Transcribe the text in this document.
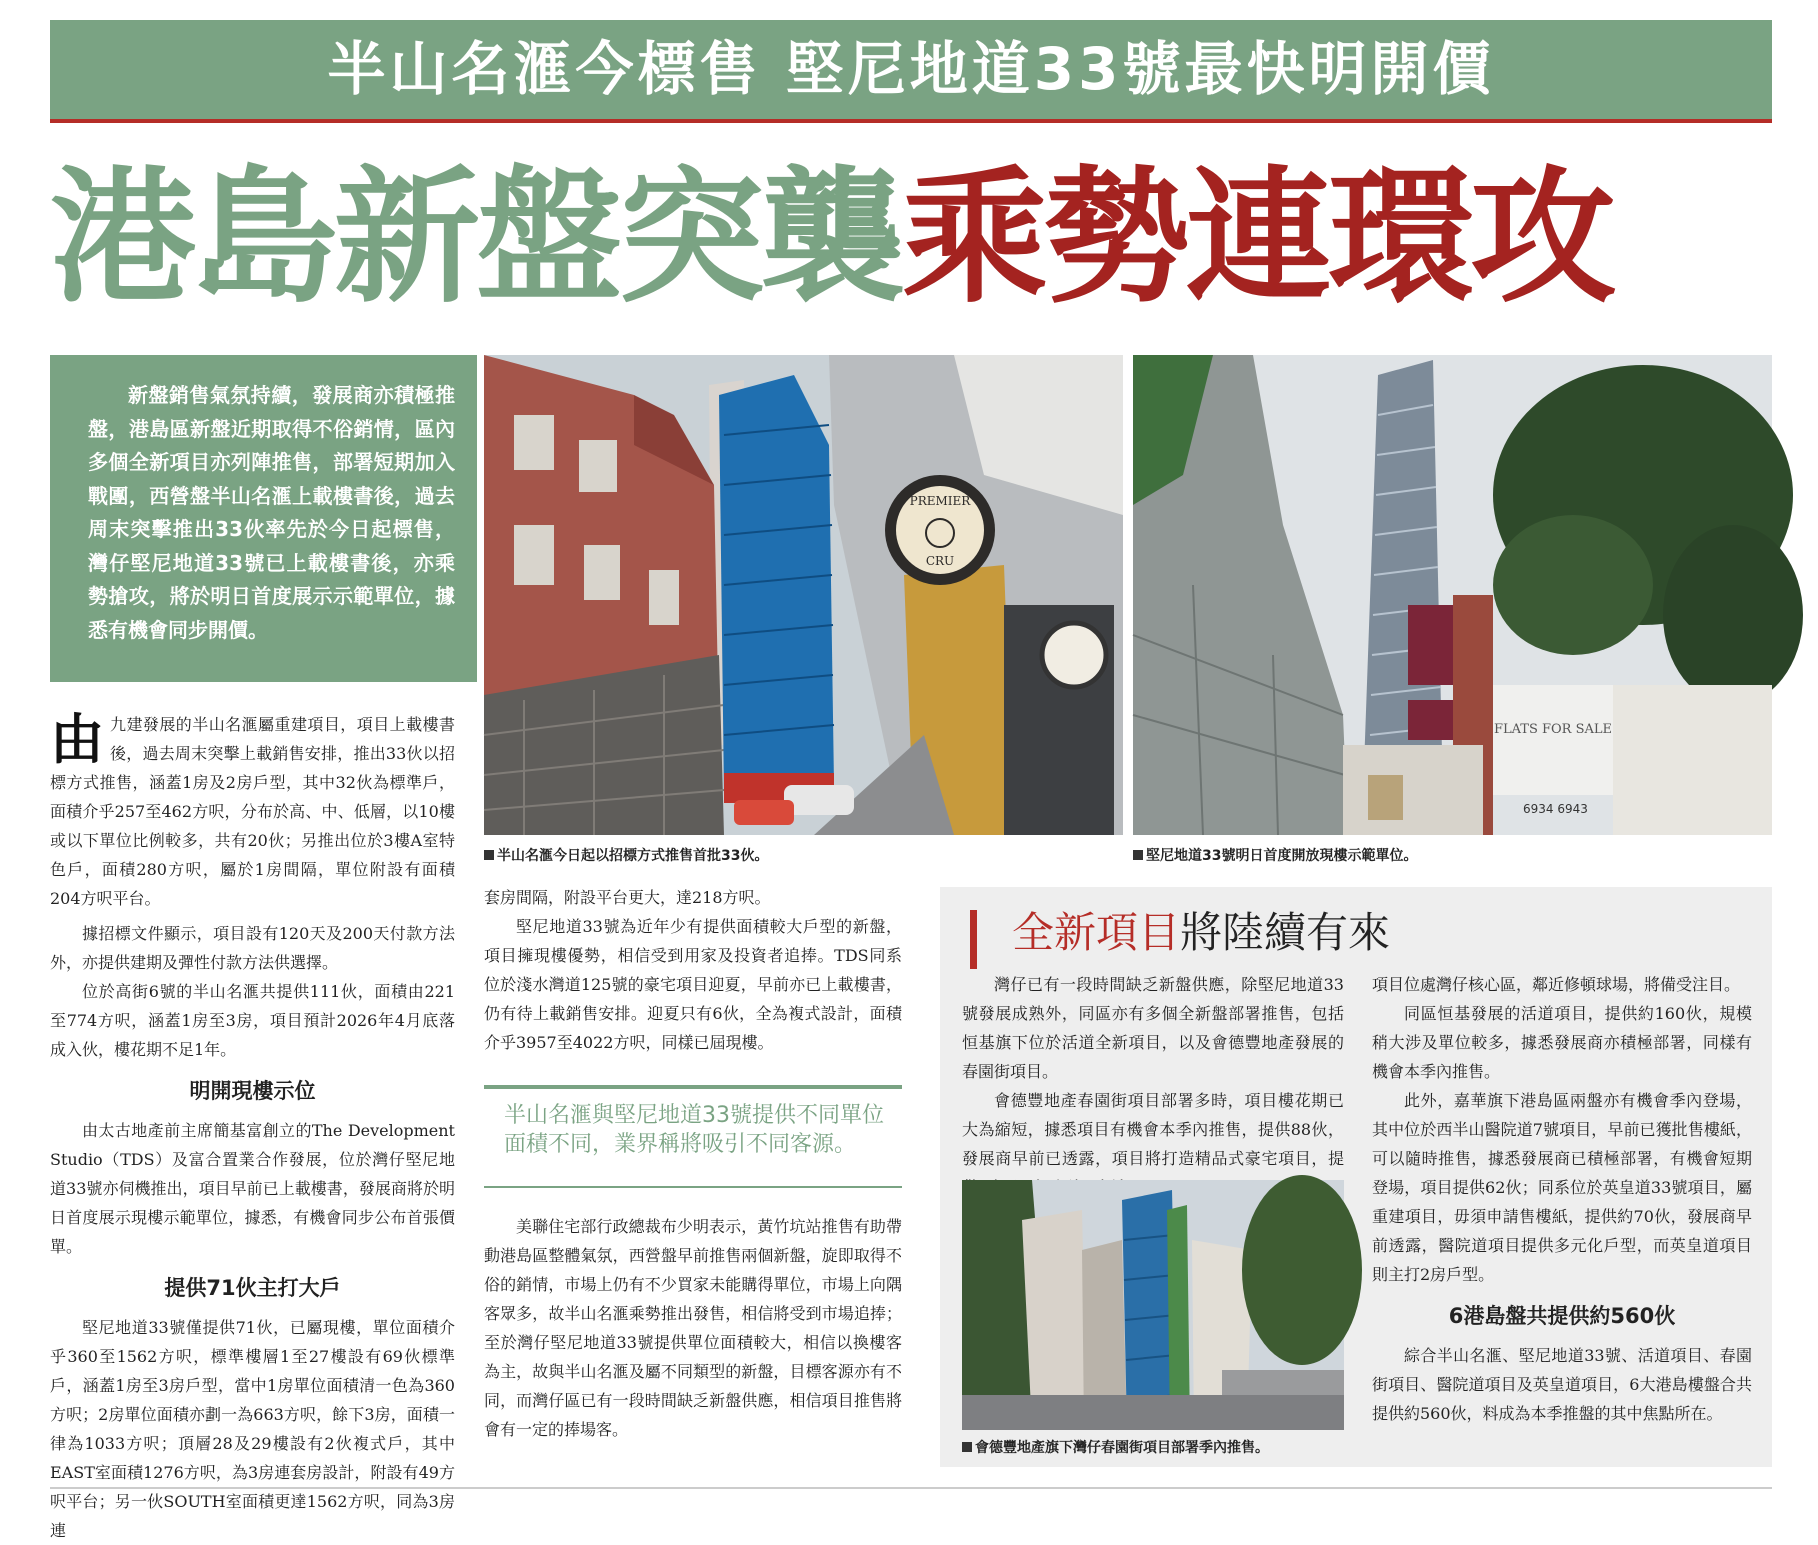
半山名滙今標售 堅尼地道33號最快明開價
港島新盤突襲乘勢連環攻

新盤銷售氣氛持續，發展商亦積極推盤，港島區新盤近期取得不俗銷情，區內多個全新項目亦列陣推售，部署短期加入戰團，西營盤半山名滙上載樓書後，過去周末突擊推出33伙率先於今日起標售，灣仔堅尼地道33號已上載樓書後，亦乘勢搶攻，將於明日首度展示示範單位，據悉有機會同步開價。

PREMIER
CRU
半山名滙今日起以招標方式推售首批33伙。
FLATS FOR SALE
6934 6943
堅尼地道33號明日首度開放現樓示範單位。

由九建發展的半山名滙屬重建項目，項目上載樓書後，過去周末突擊上載銷售安排，推出33伙以招標方式推售，涵蓋1房及2房戶型，其中32伙為標準戶，面積介乎257至462方呎，分布於高、中、低層，以10樓或以下單位比例較多，共有20伙；另推出位於3樓A室特色戶，面積280方呎，屬於1房間隔，單位附設有面積204方呎平台。

據招標文件顯示，項目設有120天及200天付款方法外，亦提供建期及彈性付款方法供選擇。

位於高街6號的半山名滙共提供111伙，面積由221至774方呎，涵蓋1房至3房，項目預計2026年4月底落成入伙，樓花期不足1年。

明開現樓示位

由太古地產前主席簡基富創立的The Development Studio（TDS）及富合置業合作發展，位於灣仔堅尼地道33號亦伺機推出，項目早前已上載樓書，發展商將於明日首度展示現樓示範單位，據悉，有機會同步公布首張價單。

提供71伙主打大戶

堅尼地道33號僅提供71伙，已屬現樓，單位面積介乎360至1562方呎，標準樓層1至27樓設有69伙標準戶，涵蓋1房至3房戶型，當中1房單位面積清一色為360方呎；2房單位面積亦劃一為663方呎，餘下3房，面積一律為1033方呎；頂層28及29樓設有2伙複式戶，其中EAST室面積1276方呎，為3房連套房設計，附設有49方呎平台；另一伙SOUTH室面積更達1562方呎，同為3房連

套房間隔，附設平台更大，達218方呎。

堅尼地道33號為近年少有提供面積較大戶型的新盤，項目擁現樓優勢，相信受到用家及投資者追捧。TDS同系位於淺水灣道125號的豪宅項目迎夏，早前亦已上載樓書，仍有待上載銷售安排。迎夏只有6伙，全為複式設計，面積介乎3957至4022方呎，同樣已屆現樓。

半山名滙與堅尼地道33號提供不同單位面積不同，業界稱將吸引不同客源。

美聯住宅部行政總裁布少明表示，黃竹坑站推售有助帶動港島區整體氣氛，西營盤早前推售兩個新盤，旋即取得不俗的銷情，市場上仍有不少買家未能購得單位，市場上向隅客眾多，故半山名滙乘勢推出發售，相信將受到市場追捧；至於灣仔堅尼地道33號提供單位面積較大，相信以換樓客為主，故與半山名滙及屬不同類型的新盤，目標客源亦有不同，而灣仔區已有一段時間缺乏新盤供應，相信項目推售將會有一定的捧場客。

全新項目將陸續有來

灣仔已有一段時間缺乏新盤供應，除堅尼地道33號發展成熟外，同區亦有多個全新盤部署推售，包括恒基旗下位於活道全新項目，以及會德豐地產發展的春園街項目。

會德豐地產春園街項目部署多時，項目樓花期已大為縮短，據悉項目有機會本季內推售，提供88伙，發展商早前已透露，項目將打造精品式豪宅項目，提

會德豐地產旗下灣仔春園街項目部署季內推售。

項目位處灣仔核心區，鄰近修頓球場，將備受注目。

同區恒基發展的活道項目，提供約160伙，規模稍大涉及單位較多，據悉發展商亦積極部署，同樣有機會本季內推售。

此外，嘉華旗下港島區兩盤亦有機會季內登場，其中位於西半山醫院道7號項目，早前已獲批售樓紙，可以隨時推售，據悉發展商已積極部署，有機會短期登場，項目提供62伙；同系位於英皇道33號項目，屬重建項目，毋須申請售樓紙，提供約70伙，發展商早前透露，醫院道項目提供多元化戶型，而英皇道項目則主打2房戶型。

6港島盤共提供約560伙

綜合半山名滙、堅尼地道33號、活道項目、春園街項目、醫院道項目及英皇道項目，6大港島樓盤合共提供約560伙，料成為本季推盤的其中焦點所在。
